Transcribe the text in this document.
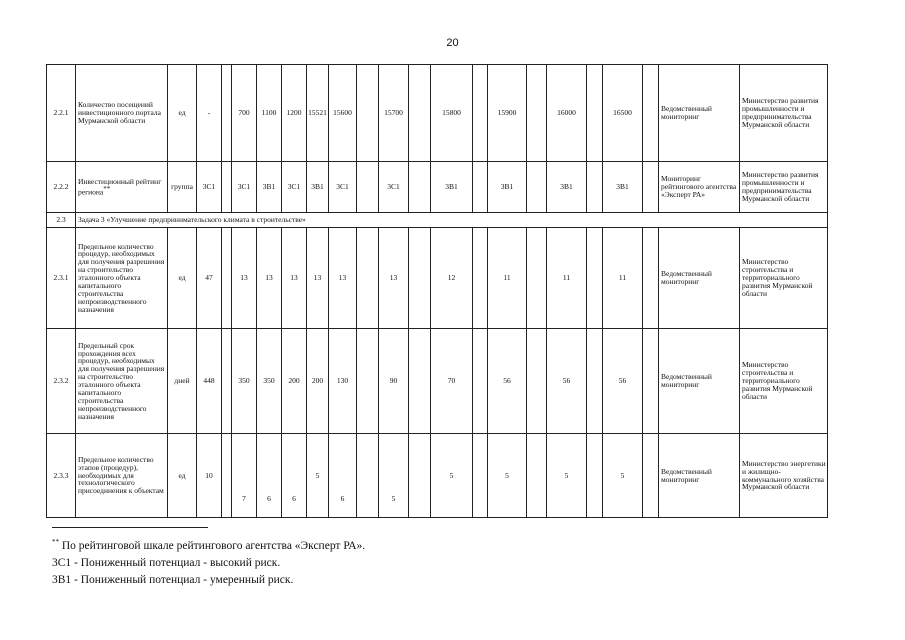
20
2.2.1	Количество посещений инвестиционного портала Мурманской области	ед	-		700	1100	1200	15521	15600		15700		15800		15900		16000		16500		Ведомственный мониторинг	Министерство развития промышленности и предпринимательства Мурманской области
2.2.2	Инвестиционный рейтинг региона**	группа	3С1		3С1	3В1	3С1	3В1	3С1		3С1		3В1		3В1		3В1		3В1		Мониторинг рейтингового агентства «Эксперт РА»	Министерство развития промышленности и предпринимательства Мурманской области
2.3	Задача 3 «Улучшение предпринимательского климата в строительстве»																					
2.3.1	Предельное количество процедур, необходимых для получения разрешения на строительство эталонного объекта капитального строительства непроизводственного назначения	ед	47		13	13	13	13	13		13		12		11		11		11		Ведомственный мониторинг	Министерство строительства и территориального развития Мурманской области
2.3.2	Предельный срок прохождения всех процедур, необходимых для получения разрешения на строительство эталонного объекта капитального строительства непроизводственного назначения	дней	448		350	350	200	200	130		90		70		56		56		56		Ведомственный мониторинг	Министерство строительства и территориального развития Мурманской области
2.3.3	Предельное количество этапов (процедур), необходимых для технологического присоединения к объектам	ед	10		7	6	6	5	6		5		5		5		5		5		Ведомственный мониторинг	Министерство энергетики и жилищно-коммунального хозяйства Мурманской области
** По рейтинговой шкале рейтингового агентства «Эксперт РА».
3С1 - Пониженный потенциал - высокий риск.
3В1 - Пониженный потенциал - умеренный риск.
